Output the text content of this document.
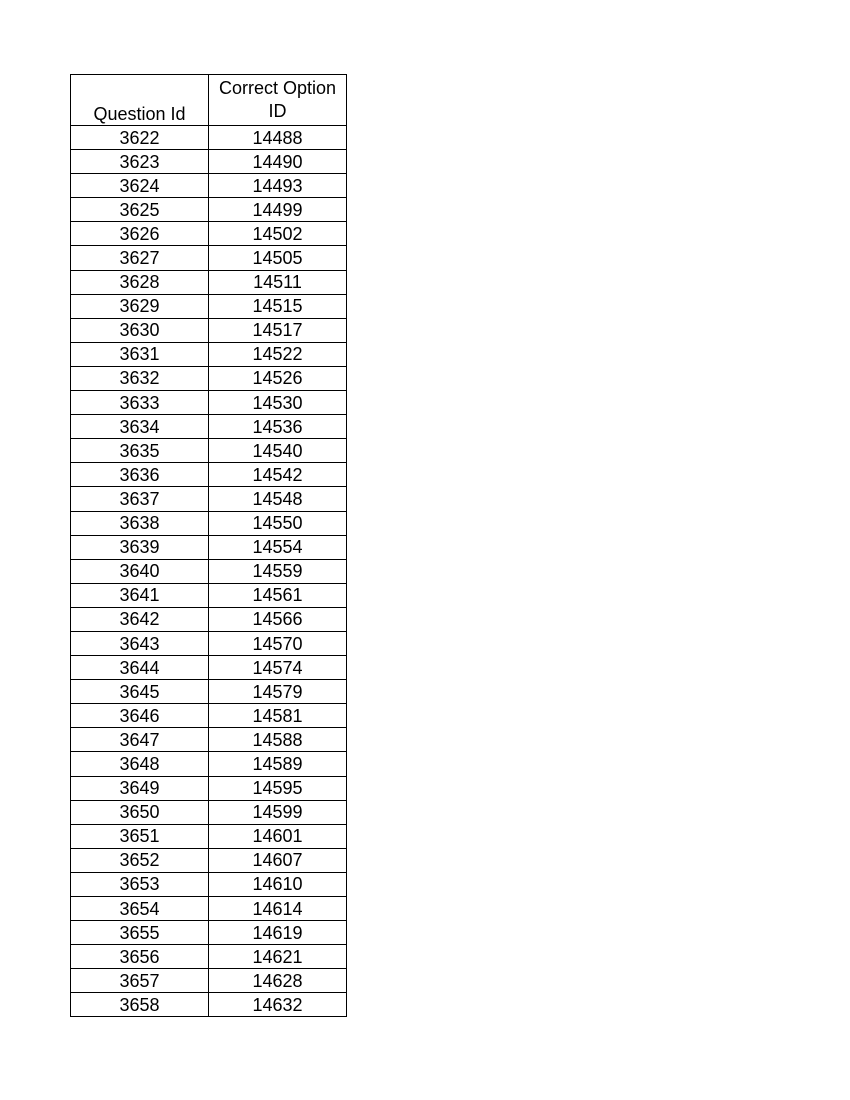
Question Id	Correct Option ID

3622	14488
3623	14490
3624	14493
3625	14499
3626	14502
3627	14505
3628	14511
3629	14515
3630	14517
3631	14522
3632	14526
3633	14530
3634	14536
3635	14540
3636	14542
3637	14548
3638	14550
3639	14554
3640	14559
3641	14561
3642	14566
3643	14570
3644	14574
3645	14579
3646	14581
3647	14588
3648	14589
3649	14595
3650	14599
3651	14601
3652	14607
3653	14610
3654	14614
3655	14619
3656	14621
3657	14628
3658	14632
